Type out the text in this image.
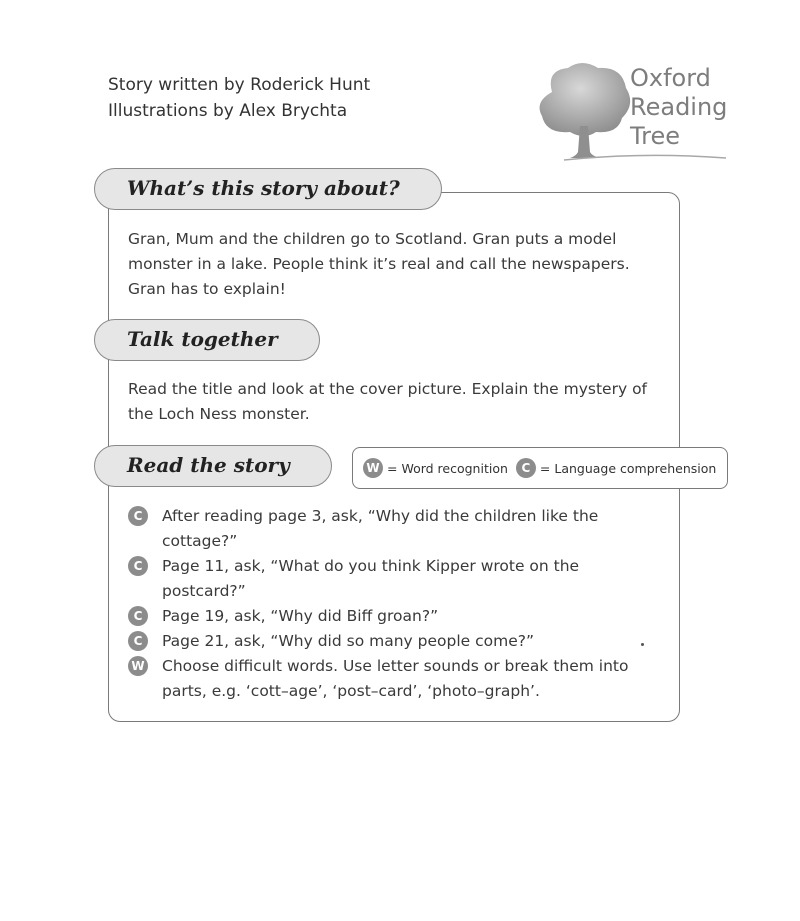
Story written by Roderick Hunt
Illustrations by Alex Brychta
Oxford
Reading
Tree
What’s this story about?
Gran, Mum and the children go to Scotland. Gran puts a model monster in a lake. People think it’s real and call the newspapers. Gran has to explain!
Talk together
Read the title and look at the cover picture. Explain the mystery of the Loch Ness monster.
Read the story	W = Word recognition	C = Language comprehension
C	After reading page 3, ask, “Why did the children like the cottage?”
C	Page 11, ask, “What do you think Kipper wrote on the postcard?”
C	Page 19, ask, “Why did Biff groan?”
C	Page 21, ask, “Why did so many people come?”
W Choose difficult words. Use letter sounds or break them into parts, e.g. ‘cott–age’, ‘post–card’, ‘photo–graph’.
